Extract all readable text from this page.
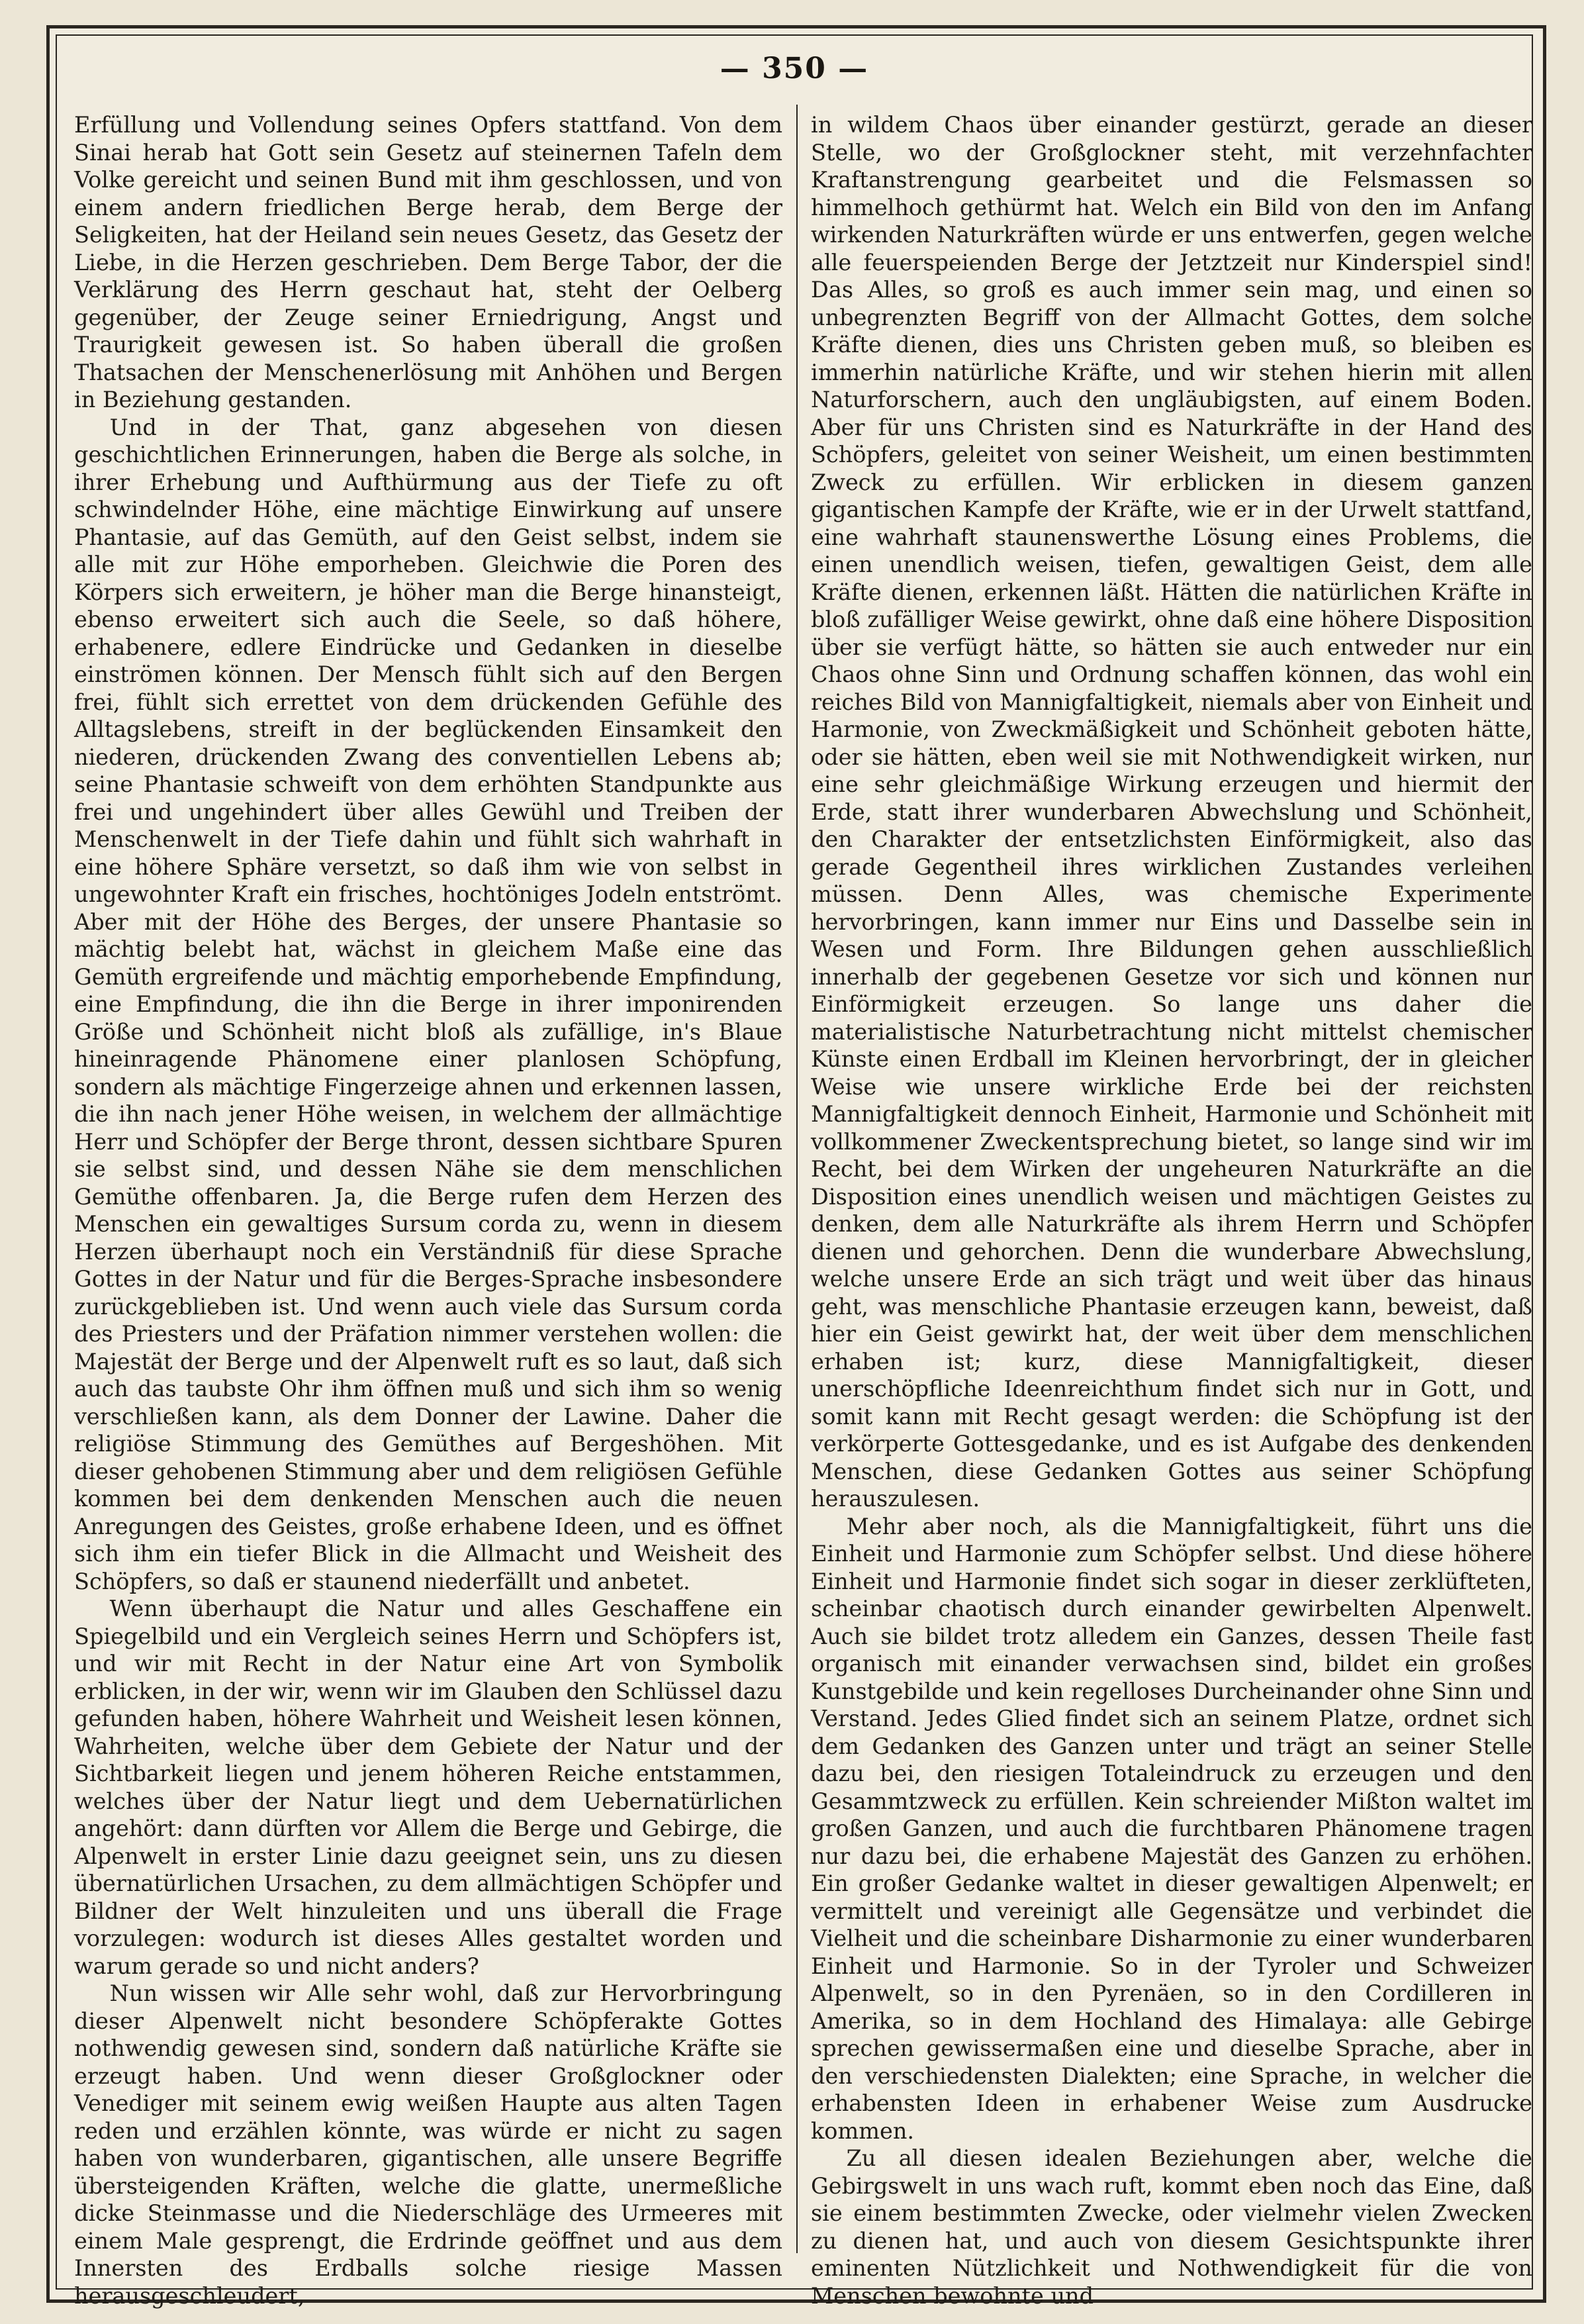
— 350 —

Erfüllung und Vollendung seines Opfers stattfand. Von dem Sinai herab hat Gott sein Gesetz auf steinernen Tafeln dem Volke gereicht und seinen Bund mit ihm geschlossen, und von einem andern friedlichen Berge herab, dem Berge der Seligkeiten, hat der Heiland sein neues Gesetz, das Gesetz der Liebe, in die Herzen geschrieben. Dem Berge Tabor, der die Verklärung des Herrn geschaut hat, steht der Oelberg gegenüber, der Zeuge seiner Erniedrigung, Angst und Traurigkeit gewesen ist. So haben überall die großen Thatsachen der Menschenerlösung mit Anhöhen und Bergen in Beziehung gestanden.

Und in der That, ganz abgesehen von diesen geschichtlichen Erinnerungen, haben die Berge als solche, in ihrer Erhebung und Aufthürmung aus der Tiefe zu oft schwindelnder Höhe, eine mächtige Einwirkung auf unsere Phantasie, auf das Gemüth, auf den Geist selbst, indem sie alle mit zur Höhe emporheben. Gleichwie die Poren des Körpers sich erweitern, je höher man die Berge hinansteigt, ebenso erweitert sich auch die Seele, so daß höhere, erhabenere, edlere Eindrücke und Gedanken in dieselbe einströmen können. Der Mensch fühlt sich auf den Bergen frei, fühlt sich errettet von dem drückenden Gefühle des Alltagslebens, streift in der beglückenden Einsamkeit den niederen, drückenden Zwang des conventiellen Lebens ab; seine Phantasie schweift von dem erhöhten Standpunkte aus frei und ungehindert über alles Gewühl und Treiben der Menschenwelt in der Tiefe dahin und fühlt sich wahrhaft in eine höhere Sphäre versetzt, so daß ihm wie von selbst in ungewohnter Kraft ein frisches, hochtöniges Jodeln entströmt. Aber mit der Höhe des Berges, der unsere Phantasie so mächtig belebt hat, wächst in gleichem Maße eine das Gemüth ergreifende und mächtig emporhebende Empfindung, eine Empfindung, die ihn die Berge in ihrer imponirenden Größe und Schönheit nicht bloß als zufällige, in's Blaue hineinragende Phänomene einer planlosen Schöpfung, sondern als mächtige Fingerzeige ahnen und erkennen lassen, die ihn nach jener Höhe weisen, in welchem der allmächtige Herr und Schöpfer der Berge thront, dessen sichtbare Spuren sie selbst sind, und dessen Nähe sie dem menschlichen Gemüthe offenbaren. Ja, die Berge rufen dem Herzen des Menschen ein gewaltiges Sursum corda zu, wenn in diesem Herzen überhaupt noch ein Verständniß für diese Sprache Gottes in der Natur und für die Berges-Sprache insbesondere zurückgeblieben ist. Und wenn auch viele das Sursum corda des Priesters und der Präfation nimmer verstehen wollen: die Majestät der Berge und der Alpenwelt ruft es so laut, daß sich auch das taubste Ohr ihm öffnen muß und sich ihm so wenig verschließen kann, als dem Donner der Lawine. Daher die religiöse Stimmung des Gemüthes auf Bergeshöhen. Mit dieser gehobenen Stimmung aber und dem religiösen Gefühle kommen bei dem denkenden Menschen auch die neuen Anregungen des Geistes, große erhabene Ideen, und es öffnet sich ihm ein tiefer Blick in die Allmacht und Weisheit des Schöpfers, so daß er staunend niederfällt und anbetet.

Wenn überhaupt die Natur und alles Geschaffene ein Spiegelbild und ein Vergleich seines Herrn und Schöpfers ist, und wir mit Recht in der Natur eine Art von Symbolik erblicken, in der wir, wenn wir im Glauben den Schlüssel dazu gefunden haben, höhere Wahrheit und Weisheit lesen können, Wahrheiten, welche über dem Gebiete der Natur und der Sichtbarkeit liegen und jenem höheren Reiche entstammen, welches über der Natur liegt und dem Uebernatürlichen angehört: dann dürften vor Allem die Berge und Gebirge, die Alpenwelt in erster Linie dazu geeignet sein, uns zu diesen übernatürlichen Ursachen, zu dem allmächtigen Schöpfer und Bildner der Welt hinzuleiten und uns überall die Frage vorzulegen: wodurch ist dieses Alles gestaltet worden und warum gerade so und nicht anders?

Nun wissen wir Alle sehr wohl, daß zur Hervorbringung dieser Alpenwelt nicht besondere Schöpferakte Gottes nothwendig gewesen sind, sondern daß natürliche Kräfte sie erzeugt haben. Und wenn dieser Großglockner oder Venediger mit seinem ewig weißen Haupte aus alten Tagen reden und erzählen könnte, was würde er nicht zu sagen haben von wunderbaren, gigantischen, alle unsere Begriffe übersteigenden Kräften, welche die glatte, unermeßliche dicke Steinmasse und die Niederschläge des Urmeeres mit einem Male gesprengt, die Erdrinde geöffnet und aus dem Innersten des Erdballs solche riesige Massen herausgeschleudert,

in wildem Chaos über einander gestürzt, gerade an dieser Stelle, wo der Großglockner steht, mit verzehnfachter Kraftanstrengung gearbeitet und die Felsmassen so himmelhoch gethürmt hat. Welch ein Bild von den im Anfang wirkenden Naturkräften würde er uns entwerfen, gegen welche alle feuerspeienden Berge der Jetztzeit nur Kinderspiel sind! Das Alles, so groß es auch immer sein mag, und einen so unbegrenzten Begriff von der Allmacht Gottes, dem solche Kräfte dienen, dies uns Christen geben muß, so bleiben es immerhin natürliche Kräfte, und wir stehen hierin mit allen Naturforschern, auch den ungläubigsten, auf einem Boden. Aber für uns Christen sind es Naturkräfte in der Hand des Schöpfers, geleitet von seiner Weisheit, um einen bestimmten Zweck zu erfüllen. Wir erblicken in diesem ganzen gigantischen Kampfe der Kräfte, wie er in der Urwelt stattfand, eine wahrhaft staunenswerthe Lösung eines Problems, die einen unendlich weisen, tiefen, gewaltigen Geist, dem alle Kräfte dienen, erkennen läßt. Hätten die natürlichen Kräfte in bloß zufälliger Weise gewirkt, ohne daß eine höhere Disposition über sie verfügt hätte, so hätten sie auch entweder nur ein Chaos ohne Sinn und Ordnung schaffen können, das wohl ein reiches Bild von Mannigfaltigkeit, niemals aber von Einheit und Harmonie, von Zweckmäßigkeit und Schönheit geboten hätte, oder sie hätten, eben weil sie mit Nothwendigkeit wirken, nur eine sehr gleichmäßige Wirkung erzeugen und hiermit der Erde, statt ihrer wunderbaren Abwechslung und Schönheit, den Charakter der entsetzlichsten Einförmigkeit, also das gerade Gegentheil ihres wirklichen Zustandes verleihen müssen. Denn Alles, was chemische Experimente hervorbringen, kann immer nur Eins und Dasselbe sein in Wesen und Form. Ihre Bildungen gehen ausschließlich innerhalb der gegebenen Gesetze vor sich und können nur Einförmigkeit erzeugen. So lange uns daher die materialistische Naturbetrachtung nicht mittelst chemischer Künste einen Erdball im Kleinen hervorbringt, der in gleicher Weise wie unsere wirkliche Erde bei der reichsten Mannigfaltigkeit dennoch Einheit, Harmonie und Schönheit mit vollkommener Zweckentsprechung bietet, so lange sind wir im Recht, bei dem Wirken der ungeheuren Naturkräfte an die Disposition eines unendlich weisen und mächtigen Geistes zu denken, dem alle Naturkräfte als ihrem Herrn und Schöpfer dienen und gehorchen. Denn die wunderbare Abwechslung, welche unsere Erde an sich trägt und weit über das hinaus geht, was menschliche Phantasie erzeugen kann, beweist, daß hier ein Geist gewirkt hat, der weit über dem menschlichen erhaben ist; kurz, diese Mannigfaltigkeit, dieser unerschöpfliche Ideenreichthum findet sich nur in Gott, und somit kann mit Recht gesagt werden: die Schöpfung ist der verkörperte Gottesgedanke, und es ist Aufgabe des denkenden Menschen, diese Gedanken Gottes aus seiner Schöpfung herauszulesen.

Mehr aber noch, als die Mannigfaltigkeit, führt uns die Einheit und Harmonie zum Schöpfer selbst. Und diese höhere Einheit und Harmonie findet sich sogar in dieser zerklüfteten, scheinbar chaotisch durch einander gewirbelten Alpenwelt. Auch sie bildet trotz alledem ein Ganzes, dessen Theile fast organisch mit einander verwachsen sind, bildet ein großes Kunstgebilde und kein regelloses Durcheinander ohne Sinn und Verstand. Jedes Glied findet sich an seinem Platze, ordnet sich dem Gedanken des Ganzen unter und trägt an seiner Stelle dazu bei, den riesigen Totaleindruck zu erzeugen und den Gesammtzweck zu erfüllen. Kein schreiender Mißton waltet im großen Ganzen, und auch die furchtbaren Phänomene tragen nur dazu bei, die erhabene Majestät des Ganzen zu erhöhen. Ein großer Gedanke waltet in dieser gewaltigen Alpenwelt; er vermittelt und vereinigt alle Gegensätze und verbindet die Vielheit und die scheinbare Disharmonie zu einer wunderbaren Einheit und Harmonie. So in der Tyroler und Schweizer Alpenwelt, so in den Pyrenäen, so in den Cordilleren in Amerika, so in dem Hochland des Himalaya: alle Gebirge sprechen gewissermaßen eine und dieselbe Sprache, aber in den verschiedensten Dialekten; eine Sprache, in welcher die erhabensten Ideen in erhabener Weise zum Ausdrucke kommen.

Zu all diesen idealen Beziehungen aber, welche die Gebirgswelt in uns wach ruft, kommt eben noch das Eine, daß sie einem bestimmten Zwecke, oder vielmehr vielen Zwecken zu dienen hat, und auch von diesem Gesichtspunkte ihrer eminenten Nützlichkeit und Nothwendigkeit für die von Menschen bewohnte und
